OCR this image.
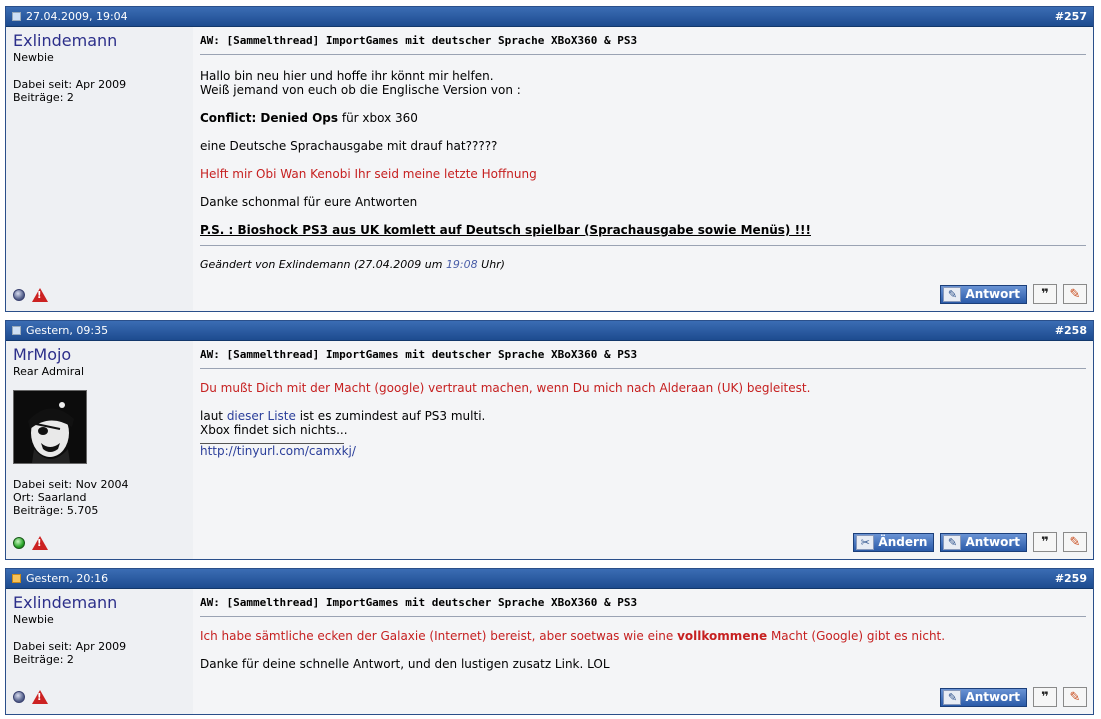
27.04.2009, 19:04	#257
Exlindemann
Newbie
Dabei seit: Apr 2009
Beiträge: 2
!
AW: [Sammelthread] ImportGames mit deutscher Sprache XBoX360 & PS3

Hallo bin neu hier und hoffe ihr könnt mir helfen.
Weiß jemand von euch ob die Englische Version von :

Conflict: Denied Ops für xbox 360

eine Deutsche Sprachausgabe mit drauf hat?????

Helft mir Obi Wan Kenobi Ihr seid meine letzte Hoffnung

Danke schonmal für eure Antworten

P.S. : Bioshock PS3 aus UK komlett auf Deutsch spielbar (Sprachausgabe sowie Menüs) !!!

Geändert von Exlindemann (27.04.2009 um 19:08 Uhr)
✎ Antwort ❞ ✎
Gestern, 09:35	#258
MrMojo
Rear Admiral
Dabei seit: Nov 2004
Ort: Saarland
Beiträge: 5.705
!
AW: [Sammelthread] ImportGames mit deutscher Sprache XBoX360 & PS3

Du mußt Dich mit der Macht (google) vertraut machen, wenn Du mich nach Alderaan (UK) begleitest.

laut dieser Liste ist es zumindest auf PS3 multi.
Xbox findet sich nichts...

http://tinyurl.com/camxkj/
✂ Ändern	✎ Antwort ❞ ✎
Gestern, 20:16	#259
Exlindemann
Newbie
Dabei seit: Apr 2009
Beiträge: 2
!
AW: [Sammelthread] ImportGames mit deutscher Sprache XBoX360 & PS3

Ich habe sämtliche ecken der Galaxie (Internet) bereist, aber soetwas wie eine vollkommene Macht (Google) gibt es nicht.

Danke für deine schnelle Antwort, und den lustigen zusatz Link. LOL

✎ Antwort ❞ ✎
